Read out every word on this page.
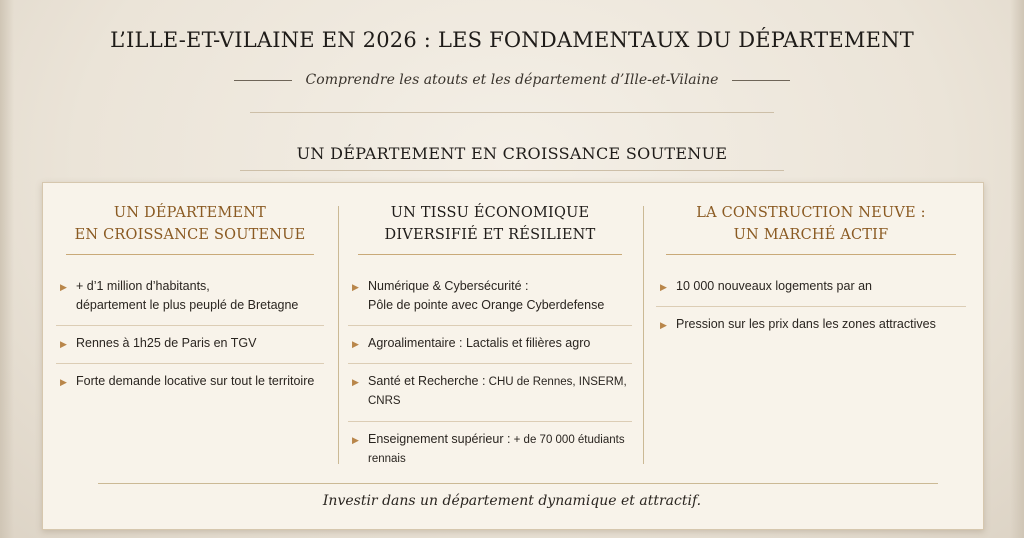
L’ILLE-ET-VILAINE EN 2026 : LES FONDAMENTAUX DU DÉPARTEMENT
Comprendre les atouts et les département d’Ille-et-Vilaine
UN DÉPARTEMENT EN CROISSANCE SOUTENUE
UN DÉPARTEMENT
EN CROISSANCE SOUTENUE
▶ + d’1 million d’habitants,
département le plus peuplé de Bretagne
▶ Rennes à 1h25 de Paris en TGV
▶ Forte demande locative sur tout le territoire
UN TISSU ÉCONOMIQUE
DIVERSIFIÉ ET RÉSILIENT
▶ Numérique & Cybersécurité :
Pôle de pointe avec Orange Cyberdefense
▶ Agroalimentaire : Lactalis et filières agro
▶ Santé et Recherche : CHU de Rennes, INSERM,
CNRS
▶ Enseignement supérieur : + de 70 000 étudiants
rennais
LA CONSTRUCTION NEUVE :
UN MARCHÉ ACTIF
▶ 10 000 nouveaux logements par an
▶ Pression sur les prix dans les zones attractives
Investir dans un département dynamique et attractif.
